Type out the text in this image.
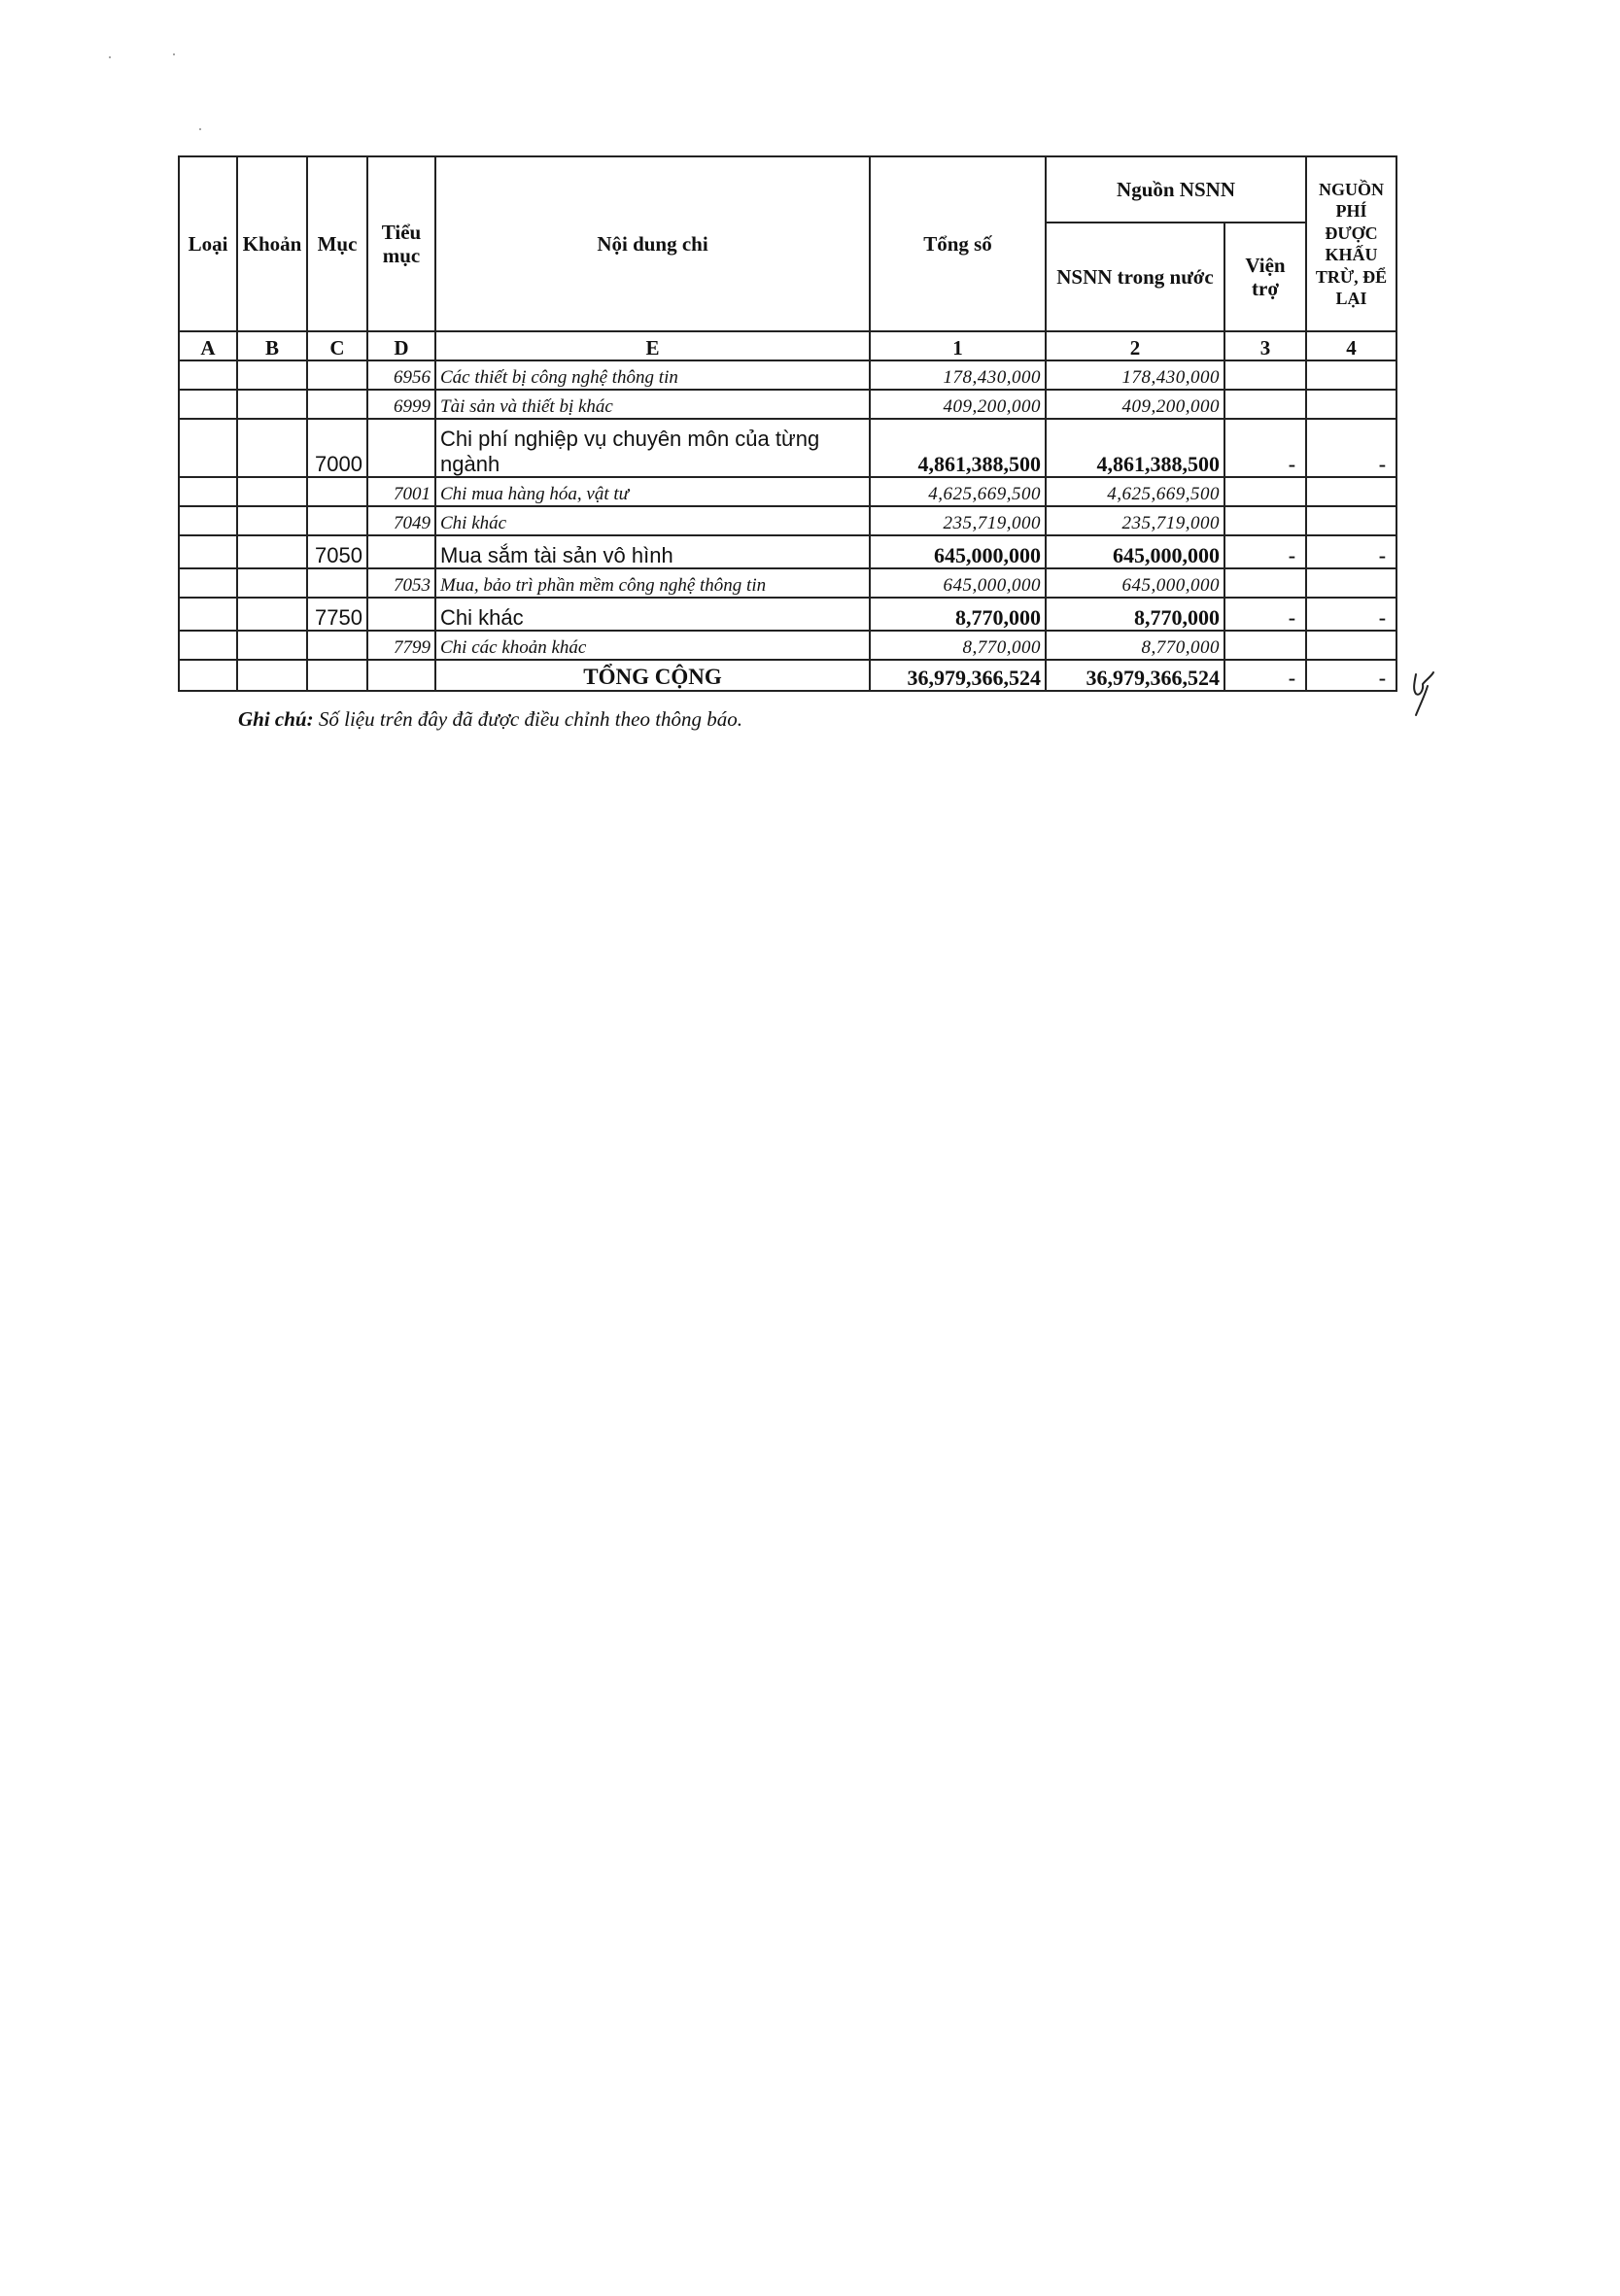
Loại	Khoản	Mục	Tiểu mục	Nội dung chi	Tổng số	Nguồn NSNN		NGUỒN PHÍ ĐƯỢC KHẤU TRỪ, ĐỂ LẠI
						NSNN trong nước	Viện trợ	
A	B	C	D	E	1	2	3	4
			6956	Các thiết bị công nghệ thông tin	178,430,000	178,430,000		
			6999	Tài sản và thiết bị khác	409,200,000	409,200,000		
		7000		Chi phí nghiệp vụ chuyên môn của từng ngành	4,861,388,500	4,861,388,500	-	-
			7001	Chi mua hàng hóa, vật tư	4,625,669,500	4,625,669,500		
			7049	Chi khác	235,719,000	235,719,000		
		7050		Mua sắm tài sản vô hình	645,000,000	645,000,000	-	-
			7053	Mua, bảo trì phần mềm công nghệ thông tin	645,000,000	645,000,000		
		7750		Chi khác	8,770,000	8,770,000	-	-
			7799	Chi các khoản khác	8,770,000	8,770,000		
				TỔNG CỘNG	36,979,366,524	36,979,366,524	-	-
Ghi chú: Số liệu trên đây đã được điều chỉnh theo thông báo.
